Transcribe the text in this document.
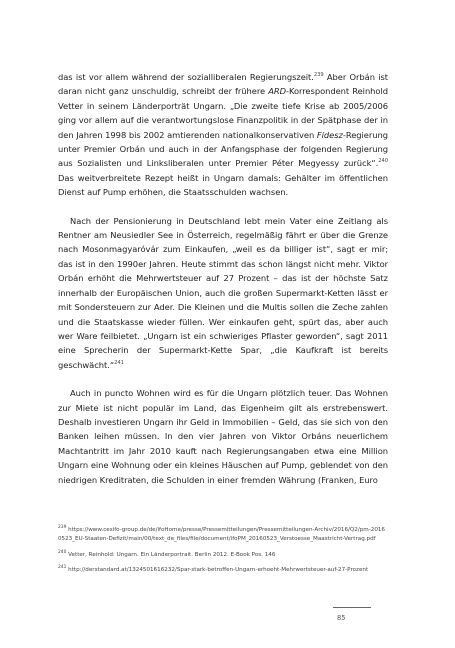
das ist vor allem während der sozialliberalen Regierungszeit.$^{239}$ Aber Orbán ist daran nicht ganz unschuldig, schreibt der frühere ARD-Korrespondent Reinhold Vetter in seinem Länderporträt Ungarn. „Die zweite tiefe Krise ab 2005/2006 ging vor allem auf die verantwortungslose Finanzpolitik in der Spätphase der in den Jahren 1998 bis 2002 amtierenden nationalkonservativen Fidesz-Regierung unter Premier Orbán und auch in der Anfangsphase der folgenden Regierung aus Sozialisten und Linksliberalen unter Premier Péter Megyessy zurück“.$^{240}$ Das weitverbreitete Rezept heißt in Ungarn damals: Gehälter im öffentlichen Dienst auf Pump erhöhen, die Staatsschulden wachsen.

Nach der Pensionierung in Deutschland lebt mein Vater eine Zeitlang als Rentner am Neusiedler See in Österreich, regelmäßig fährt er über die Grenze nach Mosonmagyaróvár zum Einkaufen, „weil es da billiger ist“, sagt er mir; das ist in den 1990er Jahren. Heute stimmt das schon längst nicht mehr. Viktor Orbán erhöht die Mehrwertsteuer auf 27 Prozent – das ist der höchste Satz innerhalb der Europäischen Union, auch die großen Supermarkt-Ketten lässt er mit Sondersteuern zur Ader. Die Kleinen und die Multis sollen die Zeche zahlen und die Staatskasse wieder füllen. Wer einkaufen geht, spürt das, aber auch wer Ware feilbietet. „Ungarn ist ein schwieriges Pflaster geworden“, sagt 2011 eine Sprecherin der Supermarkt-Kette Spar, „die Kaufkraft ist bereits geschwächt.“$^{241}$

Auch in puncto Wohnen wird es für die Ungarn plötzlich teuer. Das Wohnen zur Miete ist nicht populär im Land, das Eigenheim gilt als erstrebenswert. Deshalb investieren Ungarn ihr Geld in Immobilien – Geld, das sie sich von den Banken leihen müssen. In den vier Jahren von Viktor Orbáns neuerlichem Machtantritt im Jahr 2010 kauft nach Regierungsangaben etwa eine Million Ungarn eine Wohnung oder ein kleines Häuschen auf Pump, geblendet von den niedrigen Kreditraten, die Schulden in einer fremden Währung (Franken, Euro

$^{239}$ https://www.cesifo-group.de/de/ifoHome/presse/Pressemitteilungen/Pressemitteilungen-Archiv/2016/Q2/pm-20160523_EU-Staaten-Defizit/main/00/text_de_files/file/document/ifoPM_20160523_Verstoesse_Maastricht-Vertrag.pdf
$^{240}$ Vetter, Reinhold: Ungarn. Ein Länderportrait. Berlin 2012. E-Book Pos. 146
$^{241}$ http://derstandard.at/1324501616232/Spar-stark-betroffen-Ungarn-erhoeht-Mehrwertsteuer-auf-27-Prozent
85
